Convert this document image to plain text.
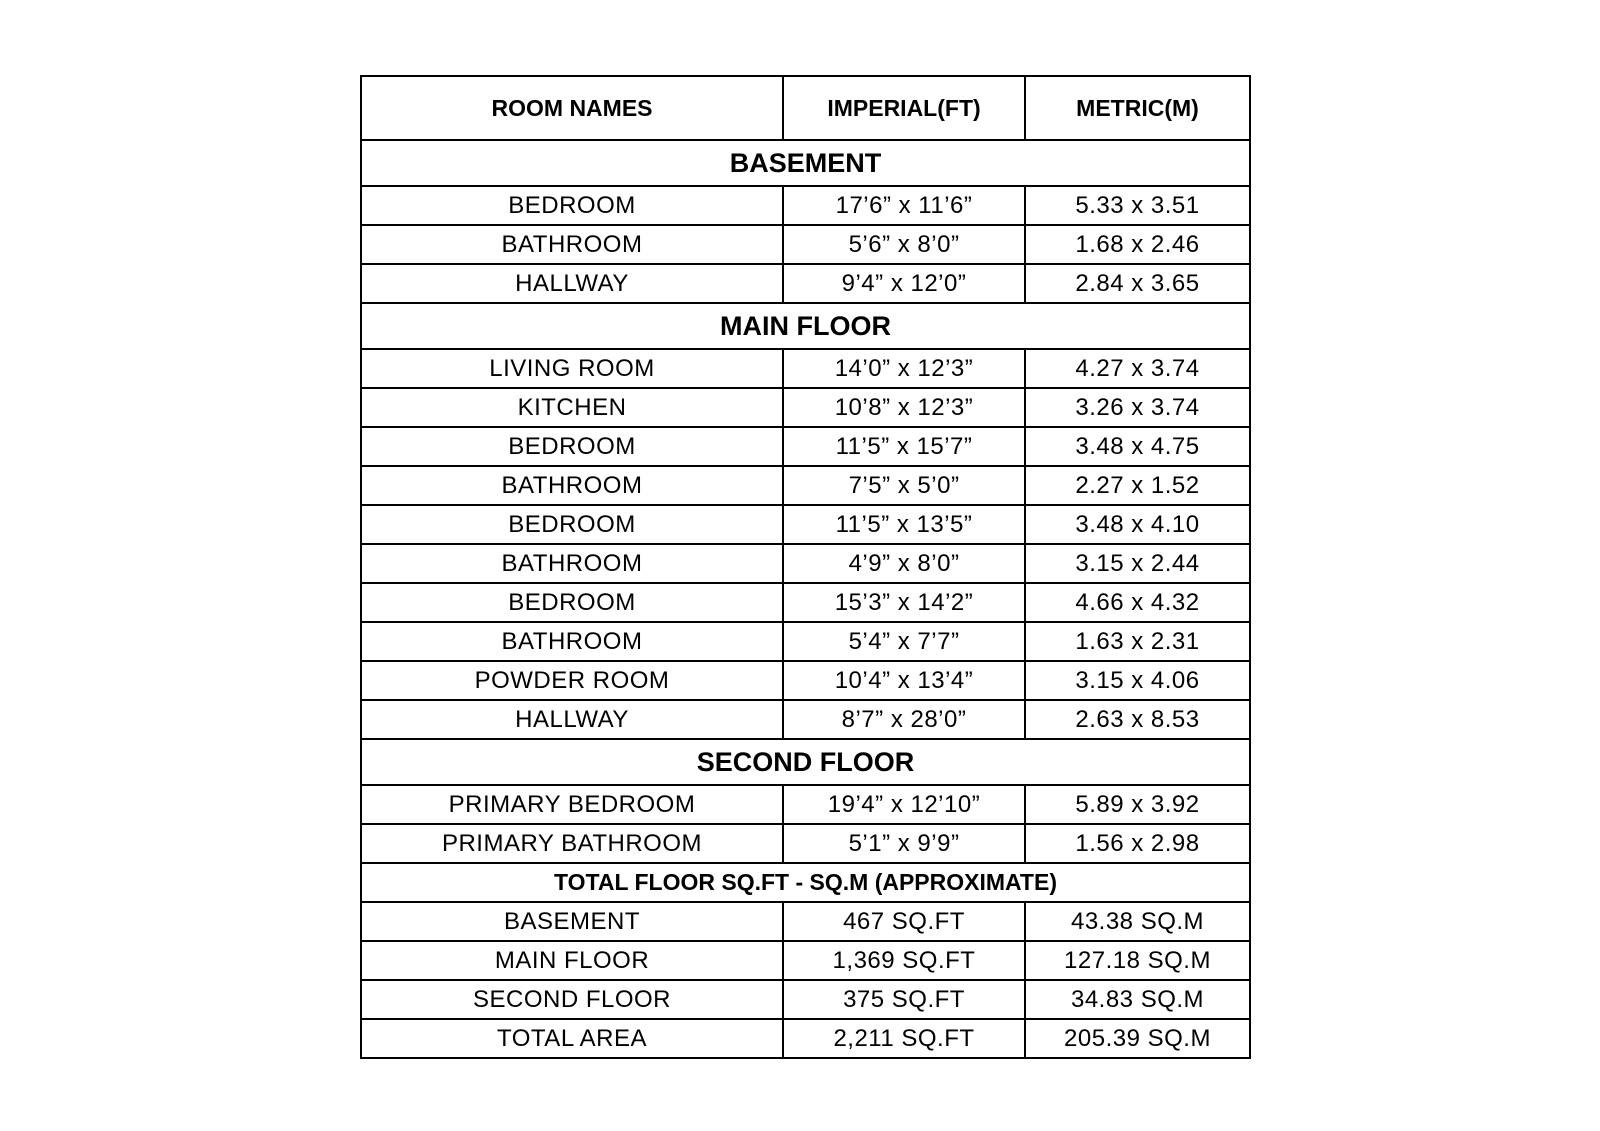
ROOM NAMES	IMPERIAL(FT)	METRIC(M)
BASEMENT		
BEDROOM	17’6” x 11’6”	5.33 x 3.51
BATHROOM	5’6” x 8’0”	1.68 x 2.46
HALLWAY	9’4” x 12’0”	2.84 x 3.65
MAIN FLOOR		
LIVING ROOM	14’0” x 12’3”	4.27 x 3.74
KITCHEN	10’8” x 12’3”	3.26 x 3.74
BEDROOM	11’5” x 15’7”	3.48 x 4.75
BATHROOM	7’5” x 5’0”	2.27 x 1.52
BEDROOM	11’5” x 13’5”	3.48 x 4.10
BATHROOM	4’9” x 8’0”	3.15 x 2.44
BEDROOM	15’3” x 14’2”	4.66 x 4.32
BATHROOM	5’4” x 7’7”	1.63 x 2.31
POWDER ROOM	10’4” x 13’4”	3.15 x 4.06
HALLWAY	8’7” x 28’0”	2.63 x 8.53
SECOND FLOOR		
PRIMARY BEDROOM	19’4” x 12’10”	5.89 x 3.92
PRIMARY BATHROOM	5’1” x 9’9”	1.56 x 2.98
TOTAL FLOOR SQ.FT - SQ.M (APPROXIMATE)		
BASEMENT	467 SQ.FT	43.38 SQ.M
MAIN FLOOR	1,369 SQ.FT	127.18 SQ.M
SECOND FLOOR	375 SQ.FT	34.83 SQ.M
TOTAL AREA	2,211 SQ.FT	205.39 SQ.M
